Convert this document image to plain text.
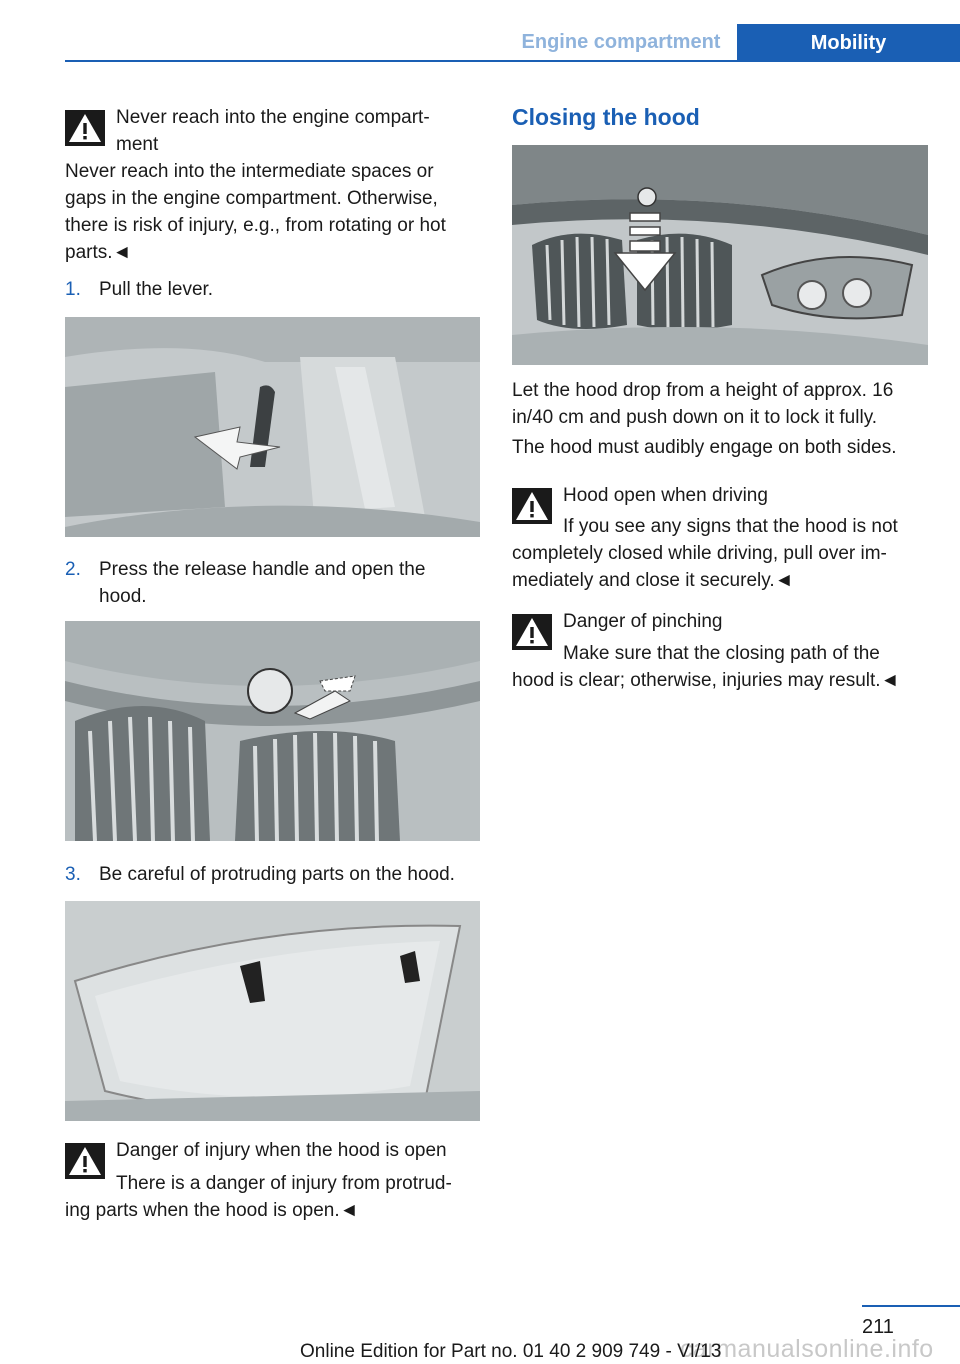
Engine compartment	Mobility
Never reach into the engine compart-
ment
Never reach into the intermediate spaces or gaps in the engine compartment. Otherwise, there is risk of injury, e.g., from rotating or hot parts.◄
1. Pull the lever.
2. Press the release handle and open the hood.
3. Be careful of protruding parts on the hood.
Danger of injury when the hood is open
There is a danger of injury from protrud-
ing parts when the hood is open.◄
Closing the hood
Let the hood drop from a height of approx. 16 in/40 cm and push down on it to lock it fully.
The hood must audibly engage on both sides.
Hood open when driving
If you see any signs that the hood is not completely closed while driving, pull over im-
mediately and close it securely.◄
Danger of pinching
Make sure that the closing path of the hood is clear; otherwise, injuries may result.◄
211
carmanualsonline.info
Online Edition for Part no. 01 40 2 909 749 - VI/13
